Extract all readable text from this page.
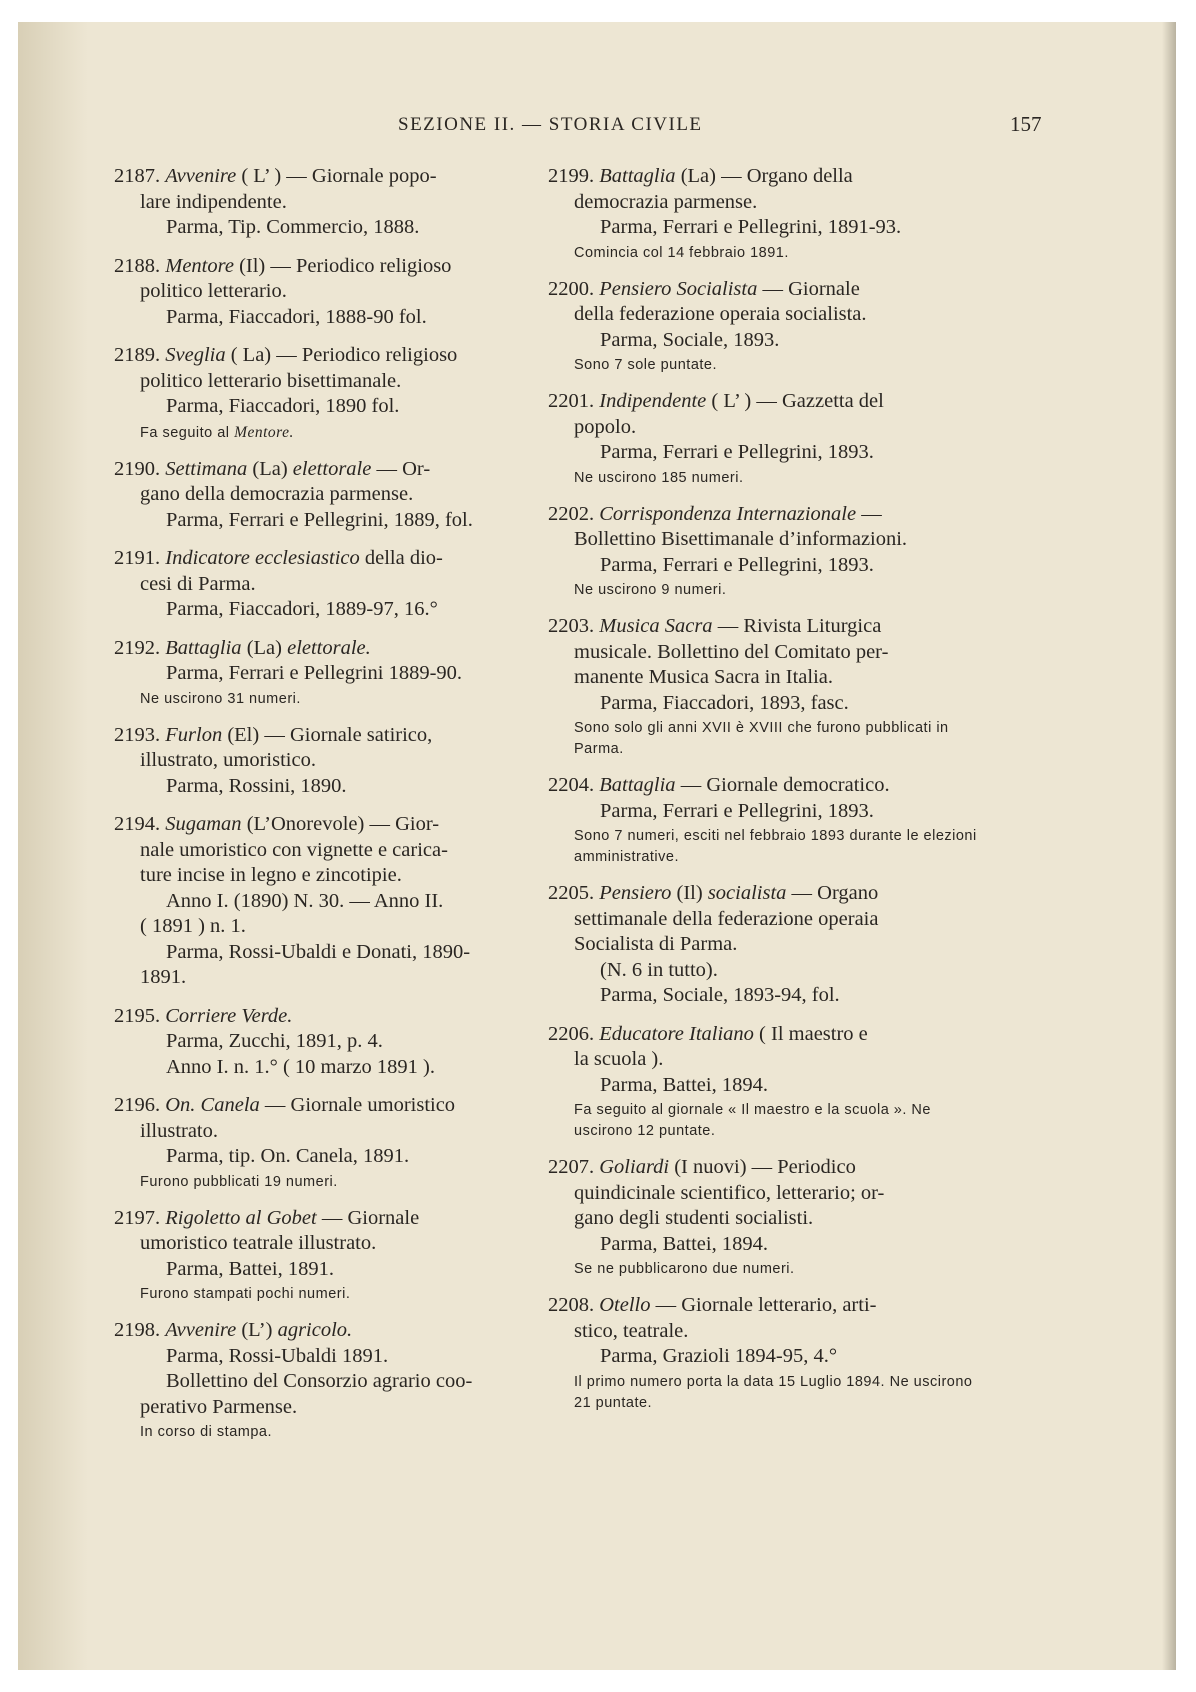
SEZIONE II. — STORIA CIVILE	157
2187. Avvenire ( L’ ) — Giornale popo-
lare indipendente.
Parma, Tip. Commercio, 1888.
2188. Mentore (Il) — Periodico religioso
politico letterario.
Parma, Fiaccadori, 1888-90 fol.
2189. Sveglia ( La) — Periodico religioso
politico letterario bisettimanale.
Parma, Fiaccadori, 1890 fol.
Fa seguito al Mentore.
2190. Settimana (La) elettorale — Or-
gano della democrazia parmense.
Parma, Ferrari e Pellegrini, 1889, fol.
2191. Indicatore ecclesiastico della dio-
cesi di Parma.
Parma, Fiaccadori, 1889-97, 16.°
2192. Battaglia (La) elettorale.
Parma, Ferrari e Pellegrini 1889-90.
Ne uscirono 31 numeri.
2193. Furlon (El) — Giornale satirico,
illustrato, umoristico.
Parma, Rossini, 1890.
2194. Sugaman (L’Onorevole) — Gior-
nale umoristico con vignette e carica-
ture incise in legno e zincotipie.
Anno I. (1890) N. 30. — Anno II.
( 1891 ) n. 1.
Parma, Rossi-Ubaldi e Donati, 1890-
1891.
2195. Corriere Verde.
Parma, Zucchi, 1891, p. 4.
Anno I. n. 1.° ( 10 marzo 1891 ).
2196. On. Canela — Giornale umoristico
illustrato.
Parma, tip. On. Canela, 1891.
Furono pubblicati 19 numeri.
2197. Rigoletto al Gobet — Giornale
umoristico teatrale illustrato.
Parma, Battei, 1891.
Furono stampati pochi numeri.
2198. Avvenire (L’) agricolo.
Parma, Rossi-Ubaldi 1891.
Bollettino del Consorzio agrario coo-
perativo Parmense.
In corso di stampa.
2199. Battaglia (La) — Organo della
democrazia parmense.
Parma, Ferrari e Pellegrini, 1891-93.
Comincia col 14 febbraio 1891.
2200. Pensiero Socialista — Giornale
della federazione operaia socialista.
Parma, Sociale, 1893.
Sono 7 sole puntate.
2201. Indipendente ( L’ ) — Gazzetta del
popolo.
Parma, Ferrari e Pellegrini, 1893.
Ne uscirono 185 numeri.
2202. Corrispondenza Internazionale —
Bollettino Bisettimanale d’informazioni.
Parma, Ferrari e Pellegrini, 1893.
Ne uscirono 9 numeri.
2203. Musica Sacra — Rivista Liturgica
musicale. Bollettino del Comitato per-
manente Musica Sacra in Italia.
Parma, Fiaccadori, 1893, fasc.
Sono solo gli anni XVII è XVIII che furono pubblicati in Parma.
2204. Battaglia — Giornale democratico.
Parma, Ferrari e Pellegrini, 1893.
Sono 7 numeri, esciti nel febbraio 1893 durante le elezioni amministrative.
2205. Pensiero (Il) socialista — Organo
settimanale della federazione operaia
Socialista di Parma.
(N. 6 in tutto).
Parma, Sociale, 1893-94, fol.
2206. Educatore Italiano ( Il maestro e
la scuola ).
Parma, Battei, 1894.
Fa seguito al giornale « Il maestro e la scuola ». Ne uscirono 12 puntate.
2207. Goliardi (I nuovi) — Periodico
quindicinale scientifico, letterario; or-
gano degli studenti socialisti.
Parma, Battei, 1894.
Se ne pubblicarono due numeri.
2208. Otello — Giornale letterario, arti-
stico, teatrale.
Parma, Grazioli 1894-95, 4.°
Il primo numero porta la data 15 Luglio 1894. Ne uscirono 21 puntate.
